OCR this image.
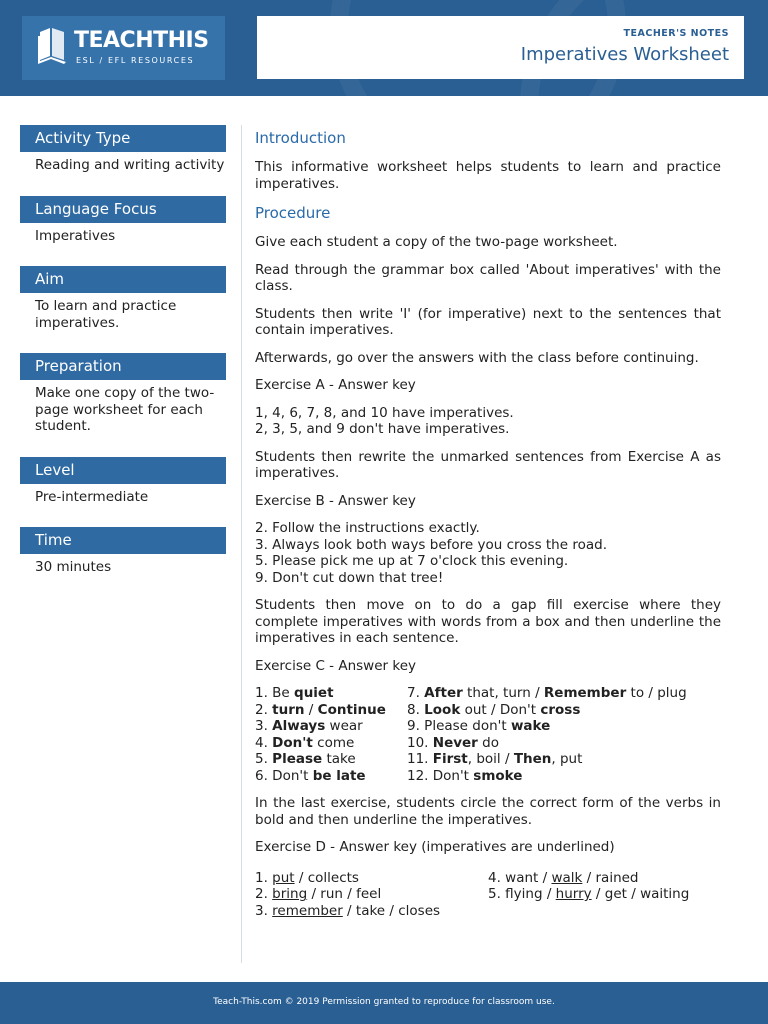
TEACHTHIS
ESL / EFL RESOURCES
TEACHER'S NOTES
Imperatives Worksheet
Activity Type
Reading and writing activity
Language Focus
Imperatives
Aim
To learn and practice imperatives.
Preparation
Make one copy of the two-page worksheet for each student.
Level
Pre-intermediate
Time
30 minutes
Introduction

This informative worksheet helps students to learn and practice imperatives.

Procedure

Give each student a copy of the two-page worksheet.

Read through the grammar box called 'About imperatives' with the class.

Students then write 'I' (for imperative) next to the sentences that contain imperatives.

Afterwards, go over the answers with the class before continuing.

Exercise A - Answer key

1, 4, 6, 7, 8, and 10 have imperatives.
2, 3, 5, and 9 don't have imperatives.

Students then rewrite the unmarked sentences from Exercise A as imperatives.

Exercise B - Answer key

2. Follow the instructions exactly.
3. Always look both ways before you cross the road.
5. Please pick me up at 7 o'clock this evening.
9. Don't cut down that tree!

Students then move on to do a gap fill exercise where they complete imperatives with words from a box and then underline the imperatives in each sentence.

Exercise C - Answer key

1. Be quiet
2. turn / Continue
3. Always wear
4. Don't come
5. Please take
6. Don't be late
7. After that, turn / Remember to / plug
8. Look out / Don't cross
9. Please don't wake
10. Never do
11. First, boil / Then, put
12. Don't smoke

In the last exercise, students circle the correct form of the verbs in bold and then underline the imperatives.

Exercise D - Answer key (imperatives are underlined)

1. put / collects
2. bring / run / feel
3. remember / take / closes
4. want / walk / rained
5. flying / hurry / get / waiting
Teach-This.com © 2019 Permission granted to reproduce for classroom use.
